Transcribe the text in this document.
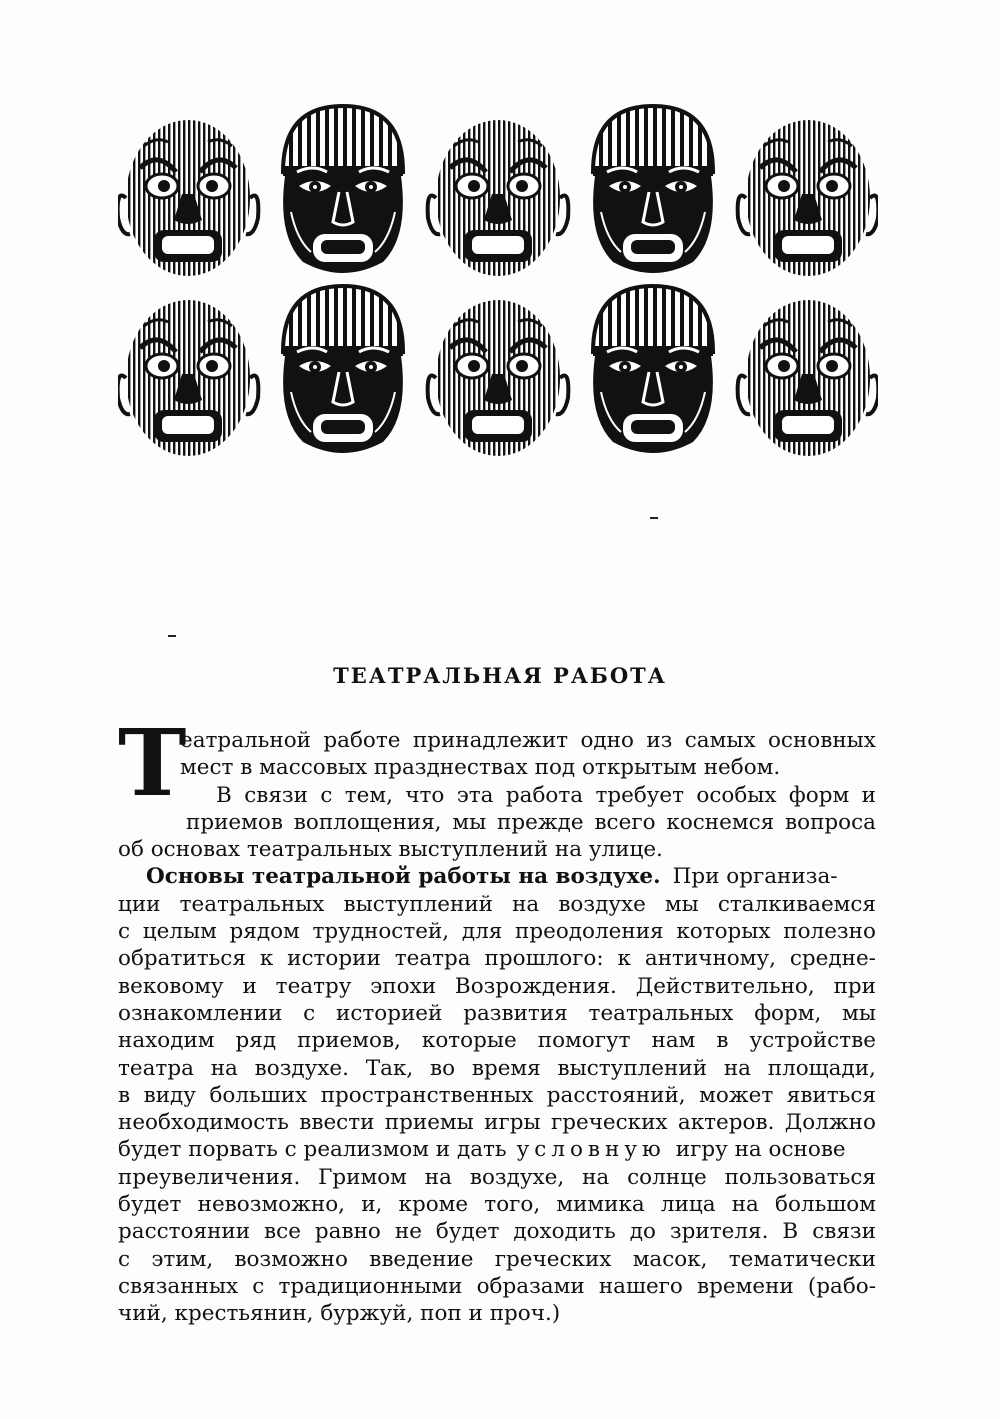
ТЕАТРАЛЬНАЯ РАБОТА
Т
еатральной работе принадлежит одно из самых основных
мест в массовых празднествах под открытым небом.
В связи с тем, что эта работа требует особых форм и
приемов воплощения, мы прежде всего коснемся вопроса
об основах театральных выступлений на улице.
Основы театральной работы на воздухе. При организа-
ции театральных выступлений на воздухе мы сталкиваемся
с целым рядом трудностей, для преодоления которых полезно
обратиться к истории театра прошлого: к античному, средне-
вековому и театру эпохи Возрождения. Действительно, при
ознакомлении с историей развития театральных форм, мы
находим ряд приемов, которые помогут нам в устройстве
театра на воздухе. Так, во время выступлений на площади,
в виду больших пространственных расстояний, может явиться
необходимость ввести приемы игры греческих актеров. Должно
будет порвать с реализмом и дать условную игру на основе
преувеличения. Гримом на воздухе, на солнце пользоваться
будет невозможно, и, кроме того, мимика лица на большом
расстоянии все равно не будет доходить до зрителя. В связи
с этим, возможно введение греческих масок, тематически
связанных с традиционными образами нашего времени (рабо-
чий, крестьянин, буржуй, поп и проч.)
